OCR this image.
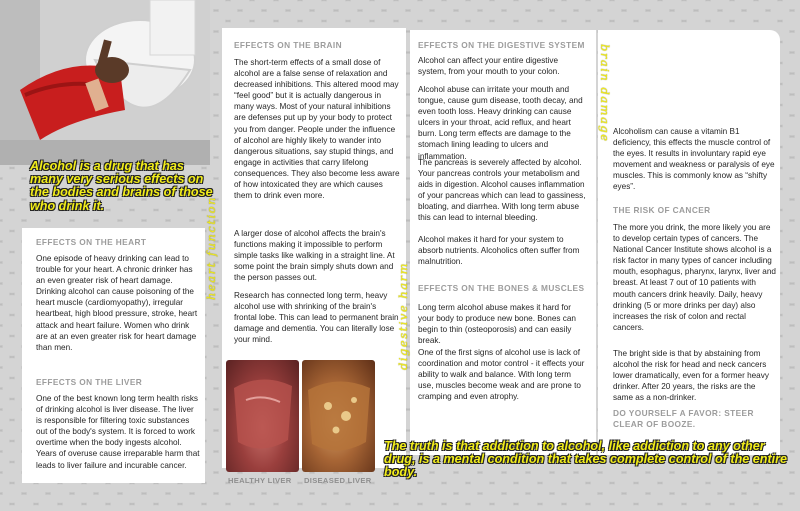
Alcohol is a drug that has many very serious effects on the bodies and brains of those who drink it.

EFFECTS ON THE HEART

One episode of heavy drinking can lead to trouble for your heart. A chronic drinker has an even greater risk of heart damage. Drinking alcohol can cause poisoning of the heart muscle (cardiomyopathy), irregular heartbeat, high blood pressure, stroke, heart attack and heart failure. Women who drink are at an even greater risk for heart damage than men.

EFFECTS ON THE LIVER

One of the best known long term health risks of drinking alcohol is liver disease. The liver is responsible for filtering toxic substances out of the body's system. It is forced to work overtime when the body ingests alcohol. Years of overuse cause irreparable harm that leads to liver failure and incurable cancer.

EFFECTS ON THE BRAIN

The short-term effects of a small dose of alcohol are a false sense of relaxation and decreased inhibitions. This altered mood may “feel good” but it is actually dangerous in many ways. Most of your natural inhibitions are defenses put up by your body to protect you from danger. People under the influence of alcohol are highly likely to wander into dangerous situations, say stupid things, and engage in activities that carry lifelong consequences. They also become less aware of how intoxicated they are which causes them to drink even more.

A larger dose of alcohol affects the brain's functions making it impossible to perform simple tasks like walking in a straight line. At some point the brain simply shuts down and the person passes out.

Research has connected long term, heavy alcohol use with shrinking of the brain's frontal lobe. This can lead to permanent brain damage and dementia. You can literally lose your mind.

HEALTHY LIVER DISEASED LIVER
EFFECTS ON THE DIGESTIVE SYSTEM

Alcohol can affect your entire digestive system, from your mouth to your colon.

Alcohol abuse can irritate your mouth and tongue, cause gum disease, tooth decay, and even tooth loss. Heavy drinking can cause ulcers in your throat, acid reflux, and heart burn. Long term effects are damage to the stomach lining leading to ulcers and inflammation.

The pancreas is severely affected by alcohol. Your pancreas controls your metabolism and aids in digestion. Alcohol causes inflammation of your pancreas which can lead to gassiness, bloating, and diarrhea. With long term abuse this can lead to internal bleeding.

Alcohol makes it hard for your system to absorb nutrients. Alcoholics often suffer from malnutrition.

EFFECTS ON THE BONES & MUSCLES

Long term alcohol abuse makes it hard for your body to produce new bone. Bones can begin to thin (osteoporosis) and can easily break.

One of the first signs of alcohol use is lack of coordination and motor control - it effects your ability to walk and balance. With long term use, muscles become weak and are prone to cramping and even atrophy.

Alcoholism can cause a vitamin B1 deficiency, this effects the muscle control of the eyes. It results in involuntary rapid eye movement and weakness or paralysis of eye muscles. This is commonly know as “shifty eyes”.

THE RISK OF CANCER

The more you drink, the more likely you are to develop certain types of cancers. The National Cancer Institute shows alcohol is a risk factor in many types of cancer including mouth, esophagus, pharynx, larynx, liver and breast. At least 7 out of 10 patients with mouth cancers drink heavily. Daily, heavy drinking (5 or more drinks per day) also increases the risk of colon and rectal cancers.

The bright side is that by abstaining from alcohol the risk for head and neck cancers lower dramatically, even for a former heavy drinker. After 20 years, the risks are the same as a non-drinker.

DO YOURSELF A FAVOR: STEER CLEAR OF BOOZE.
heart function
digestive harm
brain damage

The truth is that addiction to alcohol, like addiction to any other drug, is a mental condition that takes complete control of the entire body.
